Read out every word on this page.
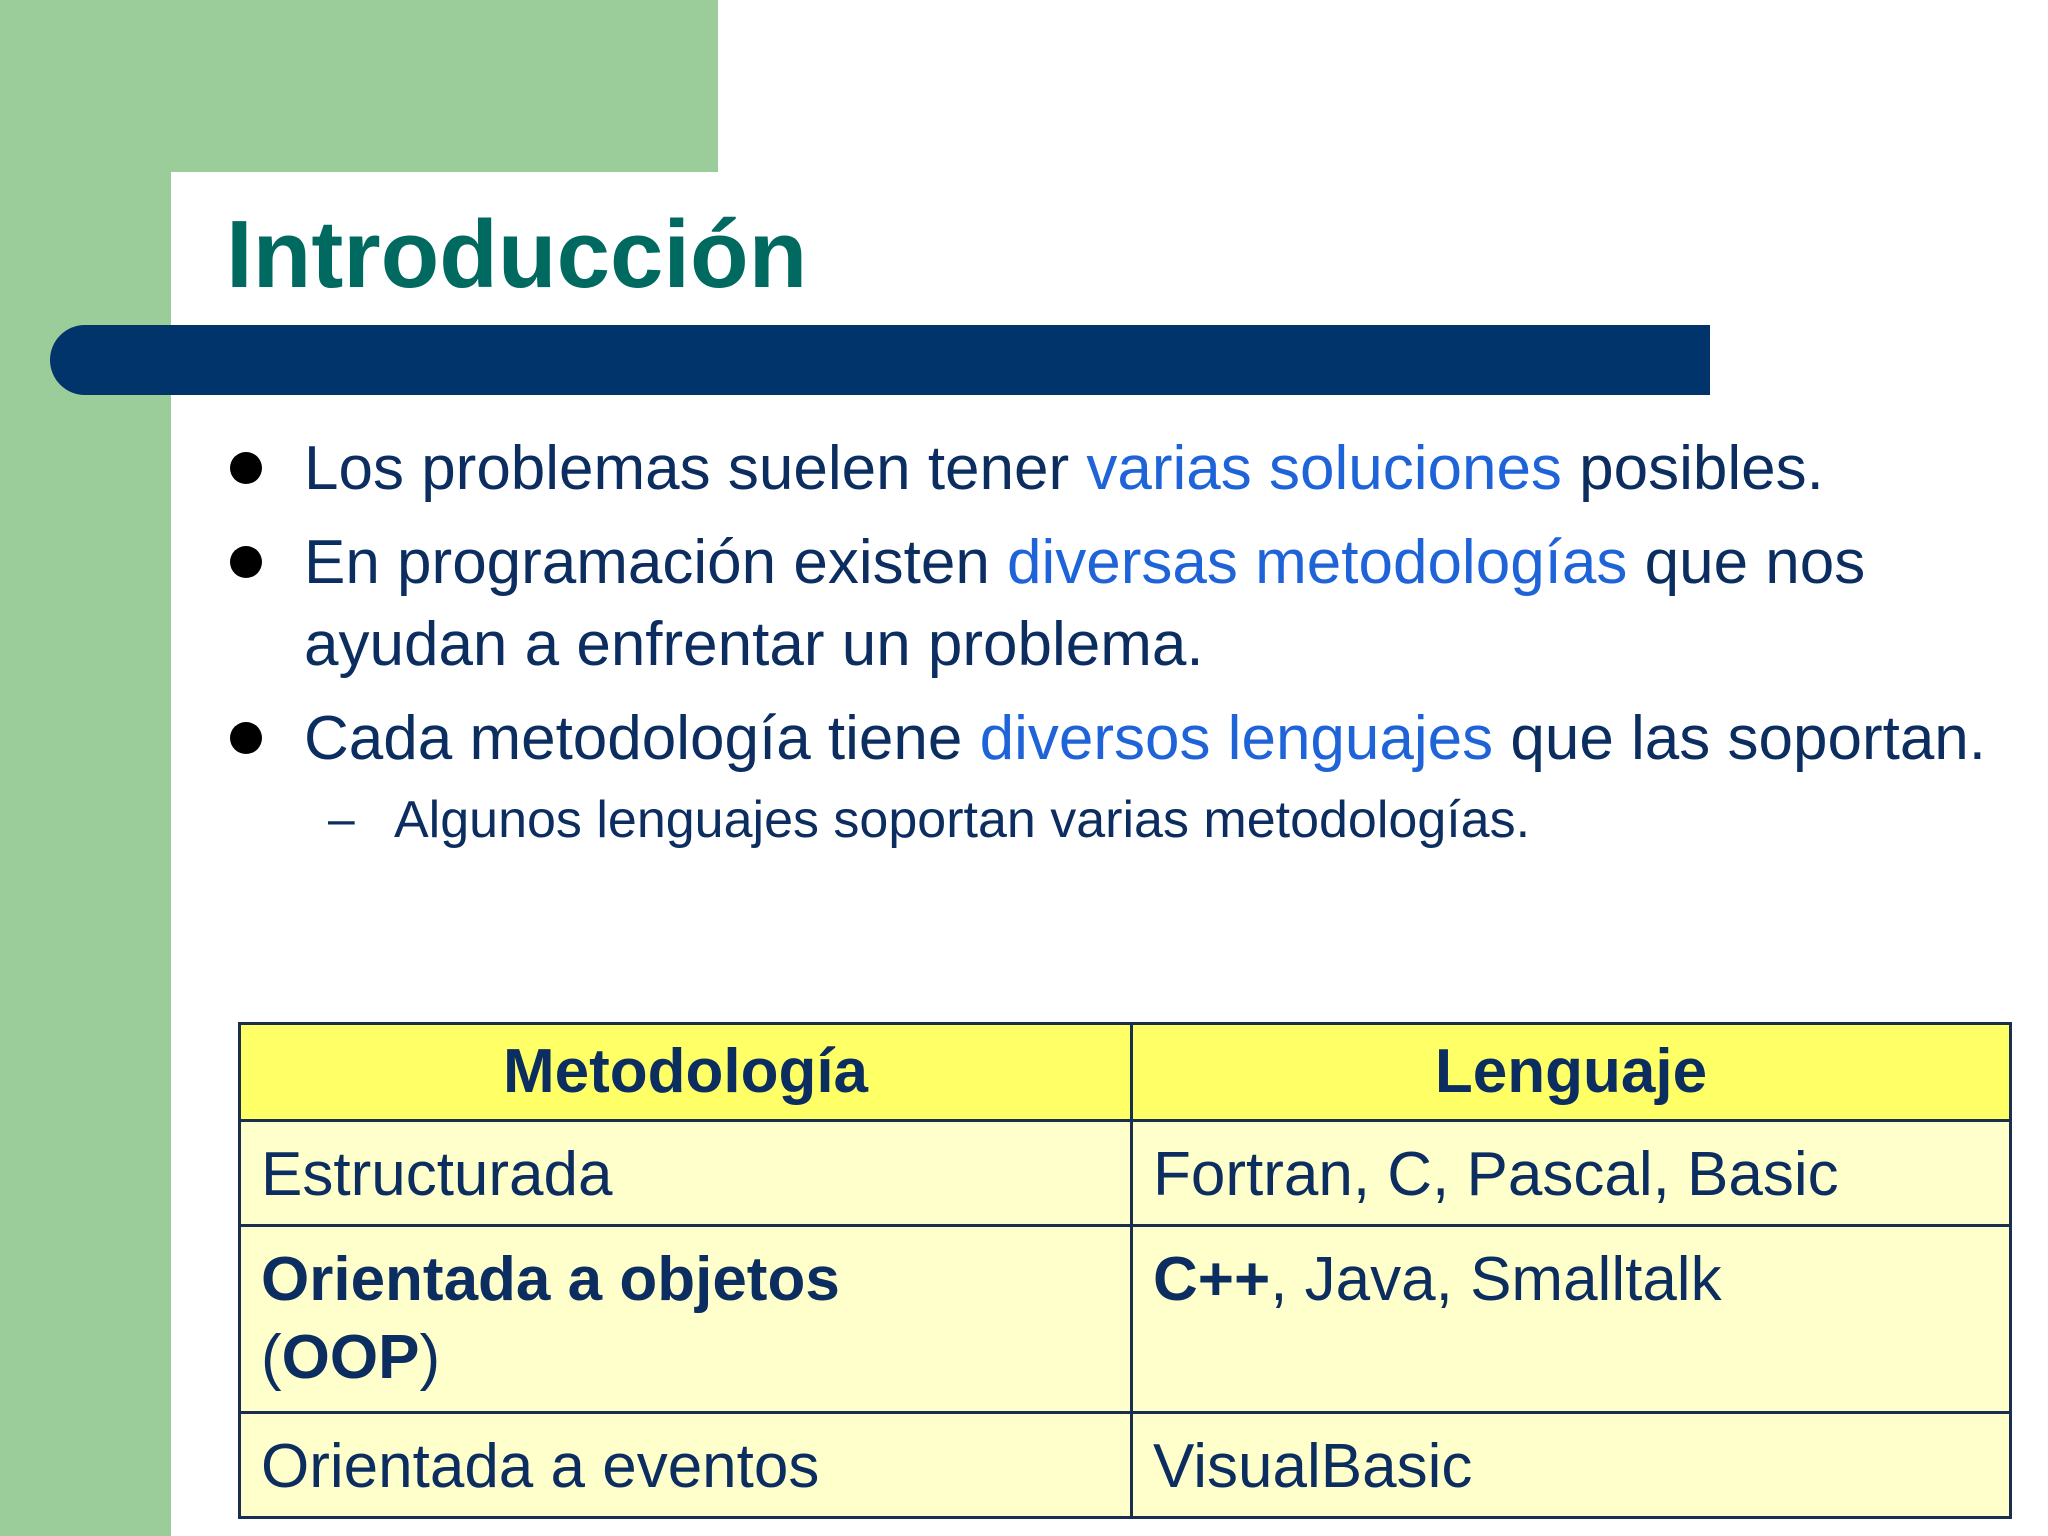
Introducción
Los problemas suelen tener varias soluciones posibles.
En programación existen diversas metodologías que nos ayudan a enfrentar un problema.
Cada metodología tiene diversos lenguajes que las soportan.
– Algunos lenguajes soportan varias metodologías.
Metodología	Lenguaje
Estructurada	Fortran, C, Pascal, Basic
Orientada a objetos
(OOP)	C++, Java, Smalltalk
Orientada a eventos	VisualBasic
